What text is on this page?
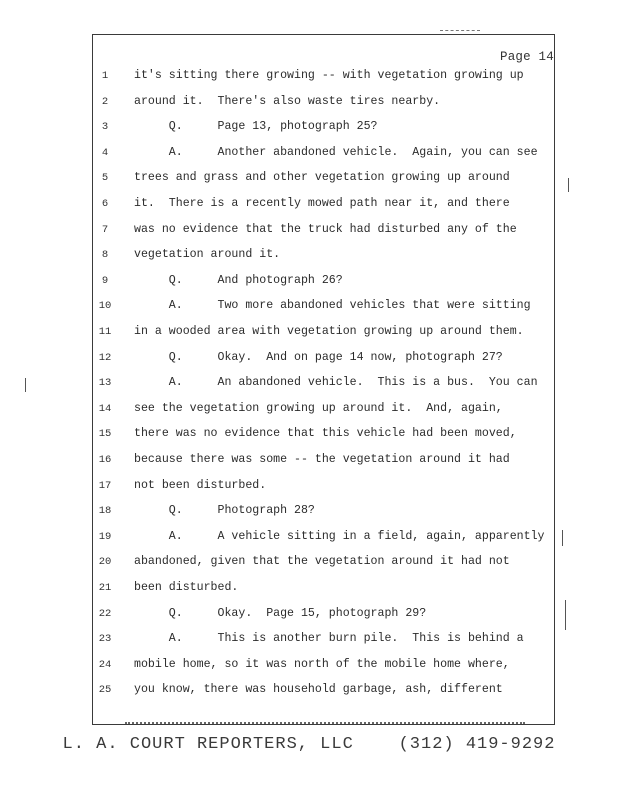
Page 14
1	it's sitting there growing -- with vegetation growing up
2	around it.  There's also waste tires nearby.
3	Q.     Page 13, photograph 25?
4	A.     Another abandoned vehicle.  Again, you can see
5	trees and grass and other vegetation growing up around
6	it.  There is a recently mowed path near it, and there
7	was no evidence that the truck had disturbed any of the
8	vegetation around it.
9	Q.     And photograph 26?
10	A.     Two more abandoned vehicles that were sitting
11	in a wooded area with vegetation growing up around them.
12	Q.     Okay.  And on page 14 now, photograph 27?
13	A.     An abandoned vehicle.  This is a bus.  You can
14	see the vegetation growing up around it.  And, again,
15	there was no evidence that this vehicle had been moved,
16	because there was some -- the vegetation around it had
17	not been disturbed.
18	Q.     Photograph 28?
19	A.     A vehicle sitting in a field, again, apparently
20	abandoned, given that the vegetation around it had not
21	been disturbed.
22	Q.     Okay.  Page 15, photograph 29?
23	A.     This is another burn pile.  This is behind a
24	mobile home, so it was north of the mobile home where,
25	you know, there was household garbage, ash, different
L. A. COURT REPORTERS, LLC	(312) 419-9292
